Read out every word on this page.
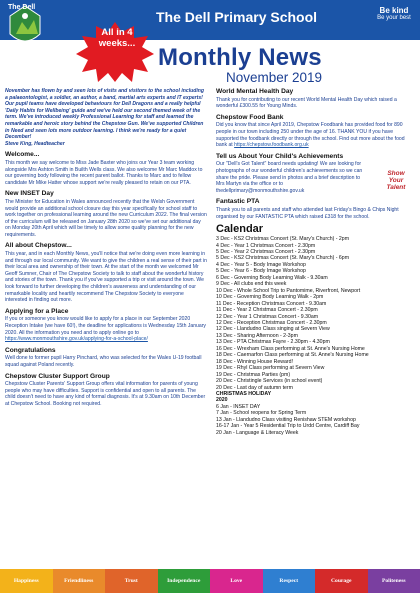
The Dell
The Dell Primary School	Be kind
Be your best
All in 4
weeks...
Monthly News
November 2019

November has flown by and seen lots of visits and visitors to the school including a palaeontologist, a soldier, an author, a band, martial arts experts and IT experts! Our pupil teams have developed behaviours for Dell Dragons and a really helpful 'Daily Habits for Wellbeing' guide and we've held our second themed week of the term. We've introduced weekly Professional Learning for staff and learned the remarkable and heroic story behind the Chepstow Gun. We've supported Children in Need and seen lots more outdoor learning. I think we're ready for a quiet December!

Steve King, Headteacher

Welcome...

This month we say welcome to Miss Jade Baxter who joins our Year 3 team working alongside Mrs Ashton Smith in Builth Wells class. We also welcome Mr Marc Maddox to our governing body following the recent parent ballot. Thanks to Marc and to fellow candidate Mr Mike Hatter whose support we're really pleased to retain on our PTA.

New INSET Day

The Minister for Education in Wales announced recently that the Welsh Government would provide an additional school closure day this year specifically for school staff to work together on professional learning around the new Curriculum 2022. The final version of the curriculum will be released on January 28th 2020 so we've set our additional day on Monday 20th April which will be timely to allow some quality planning for the new requirements.

All about Chepstow...

This year, and in each Monthly News, you'll notice that we're doing even more learning in and through our local community. We want to give the children a real sense of their part in their local area and ownership of their town. At the start of the month we welcomed Mr Geoff Sumner, Chair of The Chepstow Society to talk to staff about the wonderful history and stories of the town. Thank you if you've supported a trip or visit around the town. We look forward to further developing the children's awareness and understanding of our remarkable locality and heartily recommend The Chepstow Society to everyone interested in finding out more.

Applying for a Place

If you or someone you know would like to apply for a place in our September 2020 Reception Intake (we have 60!), the deadline for applications is Wednesday 15th January 2020. All the information you need and to apply online go to https://www.monmouthshire.gov.uk/applying-for-a-school-place/

Congratulations

Well done to former pupil Harry Pinchard, who was selected for the Wales U-19 football squad against Poland recently.

Chepstow Cluster Support Group

Chepstow Cluster Parents' Support Group offers vital information for parents of young people who may have difficulties. Support is confidential and open to all parents. The child doesn't need to have any kind of formal diagnosis. It's at 9.30am on 10th December at Chepstow School. Booking not required.

World Mental Health Day

Thank you for contributing to our recent World Mental Health Day which raised a wonderful £300.55 for Young Minds.

Chepstow Food Bank

Did you know that since April 2019, Chepstow Foodbank has provided food for 890 people in our town including 250 under the age of 16. THANK YOU if you have supported the foodbank directly or through the school. Find out more about the food bank at https://chepstow.foodbank.org.uk

Tell us About Your Child's Achievements

Our "Dell's Got Talent" board needs updating! We are looking for photographs of our wonderful children's achievements so we can share the pride. Please send in photos and a brief description to Mrs Martyn via the office or to thedellprimary@monmouthshire.gov.uk

Fantastic PTA

Thank you to all parents and staff who attended last Friday's Bingo & Chips Night organised by our FANTASTIC PTA which raised £318 for the school.

Calendar

3 Dec - KS2 Christmas Concert (St. Mary's Church) - 2pm

4 Dec - Year 1 Christmas Concert - 2.30pm

5 Dec - Year 2 Christmas Concert - 2.30pm

5 Dec - KS2 Christmas Concert (St. Mary's Church) - 6pm

4 Dec - Year 5 - Body Image Workshop

5 Dec - Year 6 - Body Image Workshop

6 Dec - Governing Body Learning Walk - 9.30am

9 Dec - All clubs end this week

10 Dec - Whole School Trip to Pantomime, Riverfront, Newport

10 Dec - Governing Body Learning Walk - 2pm

11 Dec - Reception Christmas Concert - 9.30am

11 Dec - Year 2 Christmas Concert - 2.30pm

12 Dec - Year 1 Christmas Concert - 9.30am

12 Dec - Reception Christmas Concert - 2.30pm

12 Dec - Llandudno Class singing at Severn View

13 Dec - Sharing Afternoon - 2-3pm

13 Dec - PTA Christmas Fayre - 2.30pm - 4.30pm

16 Dec - Wrexham Class performing at St. Anne's Nursing Home

18 Dec - Caernarfon Class performing at St. Anne's Nursing Home

18 Dec - Winning House Reward!

19 Dec - Rhyl Class performing at Severn View

19 Dec - Christmas Parties (pm)

20 Dec - Christingle Services (in school event)

20 Dec - Last day of autumn term

CHRISTMAS HOLIDAY

2020

6 Jan - INSET DAY

7 Jan - School reopens for Spring Term

13 Jan - Llandudno Class visiting Renishaw STEM workshop

16-17 Jan - Year 5 Residential Trip to Urdd Centre, Cardiff Bay

20 Jan - Language & Literacy Week

Show
Your
Talent
Happiness	Friendliness	Trust	Independence	Love	Respect	Courage	Politeness
